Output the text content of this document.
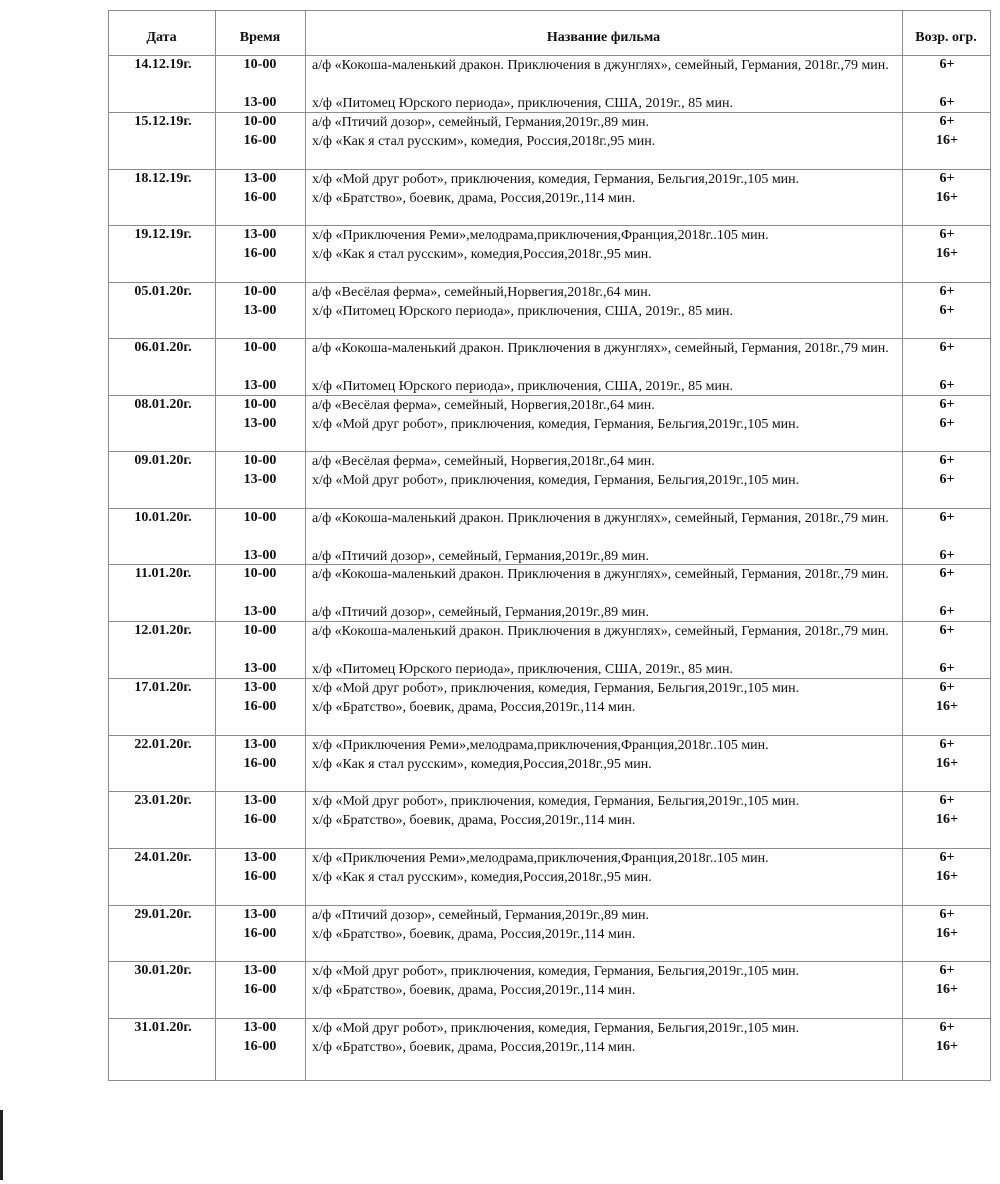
Дата	Время	Название фильма	Возр. огр.
14.12.19г.	10-00	а/ф «Кокоша-маленький дракон. Приключения в джунглях», семейный, Германия, 2018г.,79 мин.	6+
13-00	х/ф «Питомец Юрского периода», приключения, США, 2019г., 85 мин.	6+
15.12.19г.	10-00	а/ф «Птичий дозор», семейный, Германия,2019г.,89 мин.	6+
16-00	х/ф «Как я стал русским», комедия, Россия,2018г.,95 мин.	16+
18.12.19г.	13-00	х/ф «Мой друг робот», приключения, комедия, Германия, Бельгия,2019г.,105 мин.	6+
16-00	х/ф «Братство», боевик, драма, Россия,2019г.,114 мин.	16+
19.12.19г.	13-00	х/ф «Приключения Реми»,мелодрама,приключения,Франция,2018г..105 мин.	6+
16-00	х/ф «Как я стал русским», комедия,Россия,2018г.,95 мин.	16+
05.01.20г.	10-00	а/ф «Весёлая ферма», семейный,Норвегия,2018г.,64 мин.	6+
13-00	х/ф «Питомец Юрского периода», приключения, США, 2019г., 85 мин.	6+
06.01.20г.	10-00	а/ф «Кокоша-маленький дракон. Приключения в джунглях», семейный, Германия, 2018г.,79 мин.	6+
13-00	х/ф «Питомец Юрского периода», приключения, США, 2019г., 85 мин.	6+
08.01.20г.	10-00	а/ф «Весёлая ферма», семейный, Норвегия,2018г.,64 мин.	6+
13-00	х/ф «Мой друг робот», приключения, комедия, Германия, Бельгия,2019г.,105 мин.	6+
09.01.20г.	10-00	а/ф «Весёлая ферма», семейный, Норвегия,2018г.,64 мин.	6+
13-00	х/ф «Мой друг робот», приключения, комедия, Германия, Бельгия,2019г.,105 мин.	6+
10.01.20г.	10-00	а/ф «Кокоша-маленький дракон. Приключения в джунглях», семейный, Германия, 2018г.,79 мин.	6+
13-00	а/ф «Птичий дозор», семейный, Германия,2019г.,89 мин.	6+
11.01.20г.	10-00	а/ф «Кокоша-маленький дракон. Приключения в джунглях», семейный, Германия, 2018г.,79 мин.	6+
13-00	а/ф «Птичий дозор», семейный, Германия,2019г.,89 мин.	6+
12.01.20г.	10-00	а/ф «Кокоша-маленький дракон. Приключения в джунглях», семейный, Германия, 2018г.,79 мин.	6+
13-00	х/ф «Питомец Юрского периода», приключения, США, 2019г., 85 мин.	6+
17.01.20г.	13-00	х/ф «Мой друг робот», приключения, комедия, Германия, Бельгия,2019г.,105 мин.	6+
16-00	х/ф «Братство», боевик, драма, Россия,2019г.,114 мин.	16+
22.01.20г.	13-00	х/ф «Приключения Реми»,мелодрама,приключения,Франция,2018г..105 мин.	6+
16-00	х/ф «Как я стал русским», комедия,Россия,2018г.,95 мин.	16+
23.01.20г.	13-00	х/ф «Мой друг робот», приключения, комедия, Германия, Бельгия,2019г.,105 мин.	6+
16-00	х/ф «Братство», боевик, драма, Россия,2019г.,114 мин.	16+
24.01.20г.	13-00	х/ф «Приключения Реми»,мелодрама,приключения,Франция,2018г..105 мин.	6+
16-00	х/ф «Как я стал русским», комедия,Россия,2018г.,95 мин.	16+
29.01.20г.	13-00	а/ф «Птичий дозор», семейный, Германия,2019г.,89 мин.	6+
16-00	х/ф «Братство», боевик, драма, Россия,2019г.,114 мин.	16+
30.01.20г.	13-00	х/ф «Мой друг робот», приключения, комедия, Германия, Бельгия,2019г.,105 мин.	6+
16-00	х/ф «Братство», боевик, драма, Россия,2019г.,114 мин.	16+
31.01.20г.	13-00	х/ф «Мой друг робот», приключения, комедия, Германия, Бельгия,2019г.,105 мин.	6+
16-00	х/ф «Братство», боевик, драма, Россия,2019г.,114 мин.	16+
